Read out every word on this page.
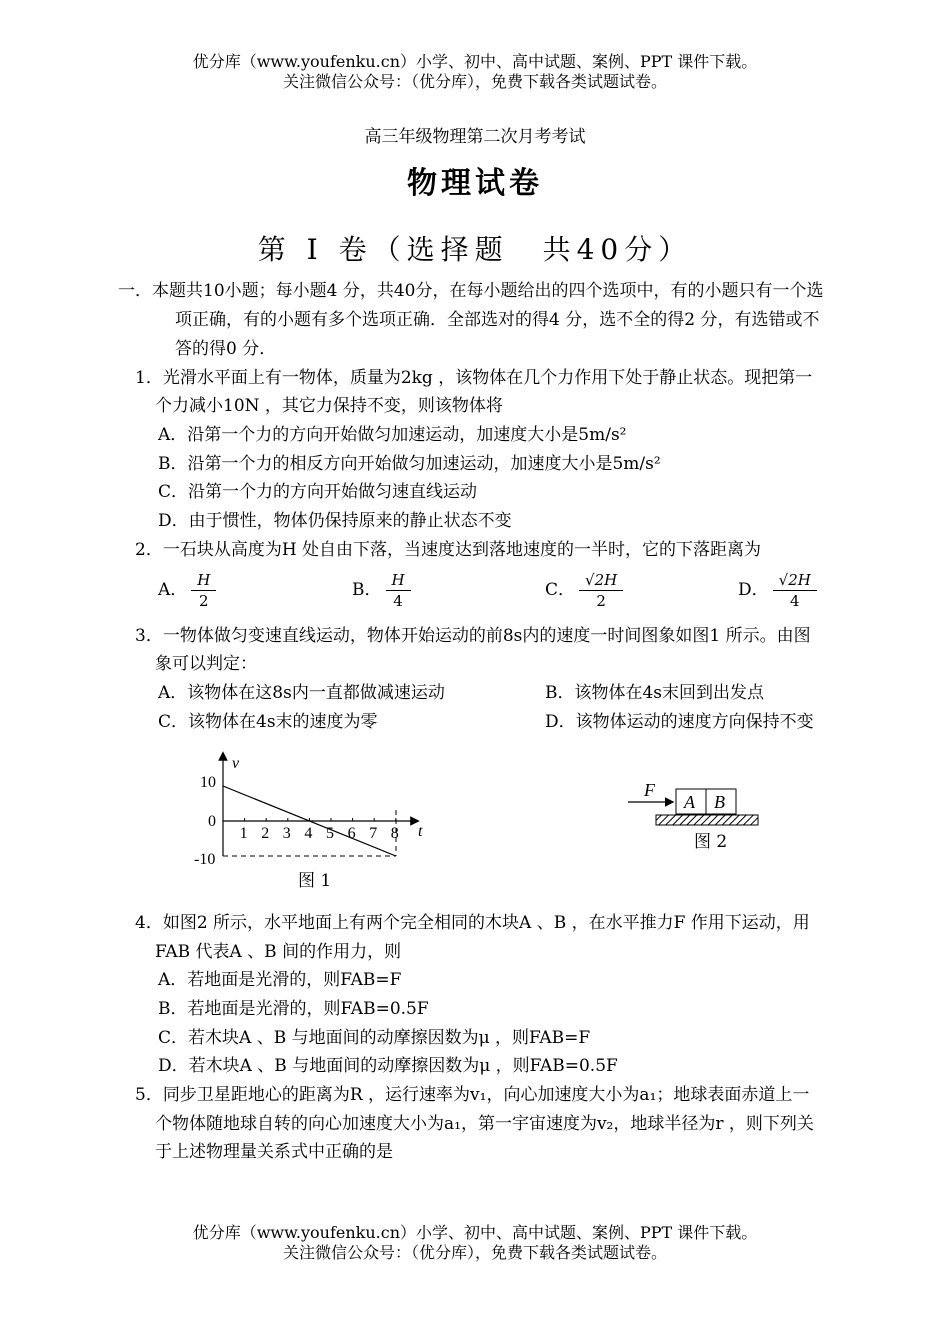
优分库（www.youfenku.cn）小学、初中、高中试题、案例、PPT 课件下载。
关注微信公众号：（优分库），免费下载各类试题试卷。
高三年级物理第二次月考考试
物理试卷
第 Ⅰ 卷（选择题　共40分）
一．本题共10小题；每小题4 分，共40分，在每小题给出的四个选项中，有的小题只有一个选
项正确，有的小题有多个选项正确．全部选对的得4 分，选不全的得2 分，有选错或不
答的得0 分．
1．光滑水平面上有一物体，质量为2kg ，该物体在几个力作用下处于静止状态。现把第一
个力减小10N ，其它力保持不变，则该物体将
A．沿第一个力的方向开始做匀加速运动，加速度大小是5m/s²
B．沿第一个力的相反方向开始做匀加速运动，加速度大小是5m/s²
C．沿第一个力的方向开始做匀速直线运动
D．由于惯性，物体仍保持原来的静止状态不变
2．一石块从高度为H 处自由下落，当速度达到落地速度的一半时，它的下落距离为
A． $\frac{H}{2}$	B． $\frac{H}{4}$	C． $\frac{√2H}{2}$	D． $\frac{√2H}{4}$
3．一物体做匀变速直线运动，物体开始运动的前8s内的速度一时间图象如图1 所示。由图
象可以判定：
A．该物体在这8s内一直都做减速运动	B．该物体在4s末回到出发点
C．该物体在4s末的速度为零	D．该物体运动的速度方向保持不变
v
t
10
0
-10
1 2 3 4 5 6 7 8
图 1
F
A B
图 2
4．如图2 所示，水平地面上有两个完全相同的木块A 、B ，在水平推力F 作用下运动，用
FAB 代表A 、B 间的作用力，则
A．若地面是光滑的，则FAB=F
B．若地面是光滑的，则FAB=0.5F
C．若木块A 、B 与地面间的动摩擦因数为μ ，则FAB=F
D．若木块A 、B 与地面间的动摩擦因数为μ ，则FAB=0.5F
5．同步卫星距地心的距离为R ，运行速率为v₁，向心加速度大小为a₁；地球表面赤道上一
个物体随地球自转的向心加速度大小为a₁，第一宇宙速度为v₂，地球半径为r ，则下列关
于上述物理量关系式中正确的是
优分库（www.youfenku.cn）小学、初中、高中试题、案例、PPT 课件下载。
关注微信公众号：（优分库），免费下载各类试题试卷。
